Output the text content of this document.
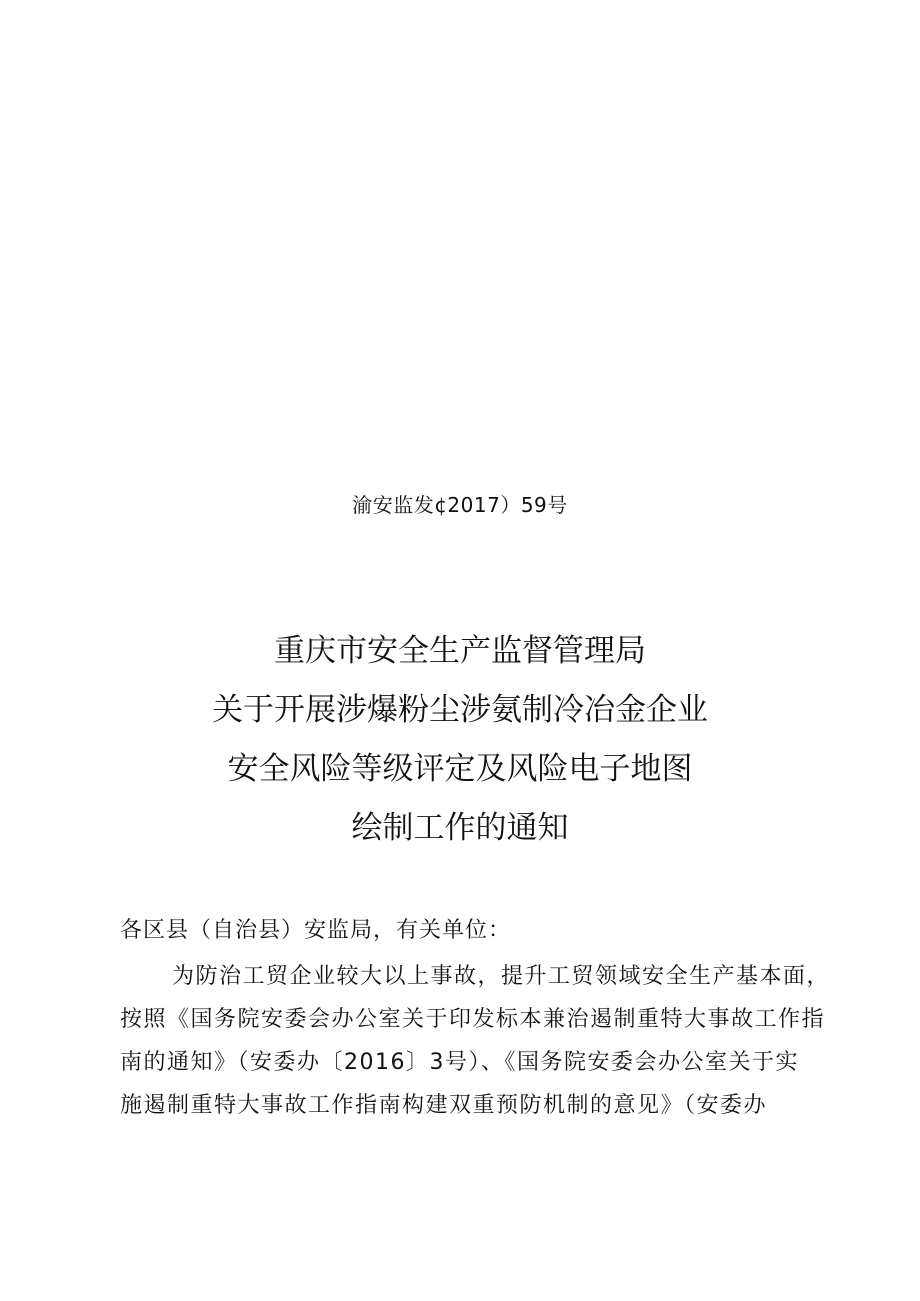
渝安监发¢2017）59号
重庆市安全生产监督管理局
关于开展涉爆粉尘涉氨制冷冶金企业
安全风险等级评定及风险电子地图
绘制工作的通知
各区县（自治县）安监局，有关单位：
为防治工贸企业较大以上事故，提升工贸领域安全生产基本面，
按照《国务院安委会办公室关于印发标本兼治遏制重特大事故工作指
南的通知》（安委办〔2016〕3号）、《国务院安委会办公室关于实
施遏制重特大事故工作指南构建双重预防机制的意见》（安委办
